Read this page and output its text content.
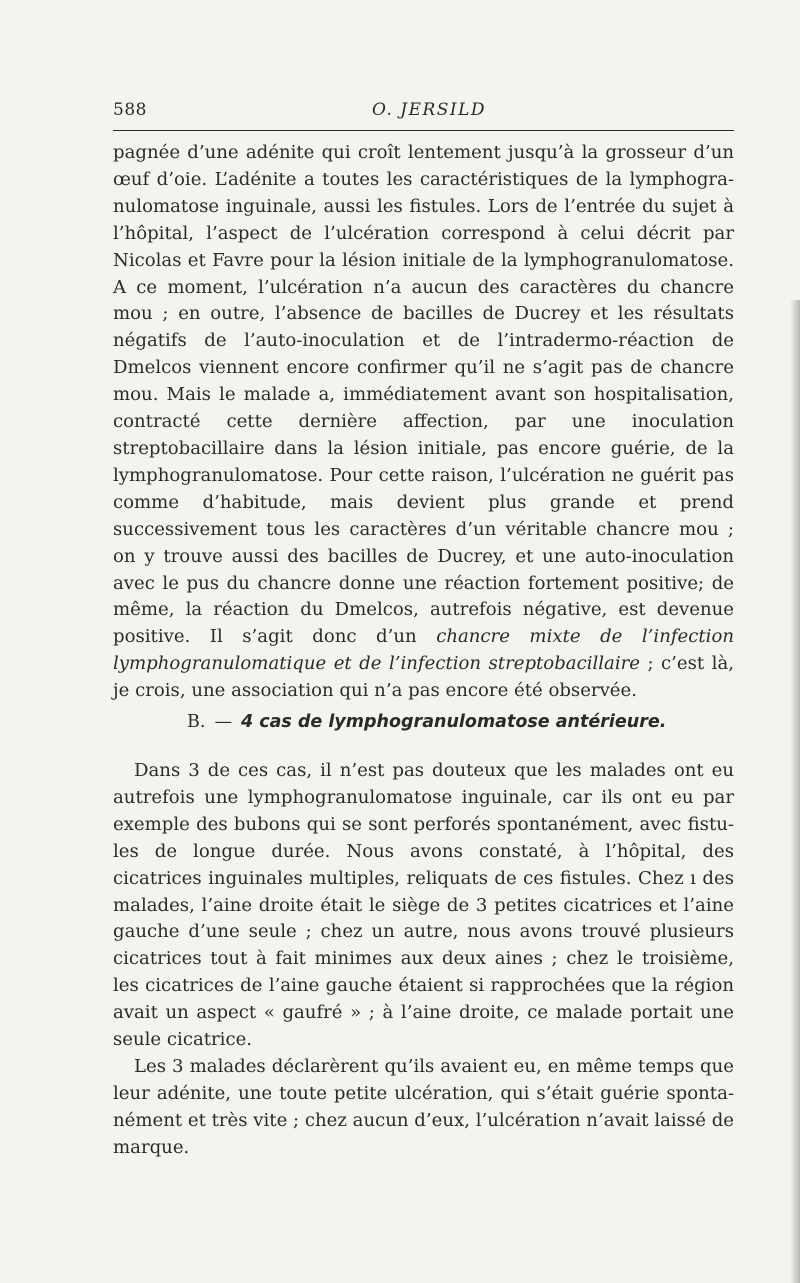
588	O. JERSILD

pagnée d’une adénite qui croît lentement jusqu’à la grosseur d’un œuf d’oie. L’adénite a toutes les caractéristiques de la lymphogranulomatose inguinale, aussi les fistules. Lors de l’entrée du sujet à l’hôpital, l’aspect de l’ulcération correspond à celui décrit par Nicolas et Favre pour la lésion initiale de la lymphogranulomatose. A ce moment, l’ulcération n’a aucun des caractères du chancre mou ; en outre, l’absence de bacilles de Ducrey et les résultats négatifs de l’auto-inoculation et de l’intradermo-réaction de Dmelcos viennent encore confirmer qu’il ne s’agit pas de chancre mou. Mais le malade a, immédiatement avant son hospitalisation, contracté cette dernière affection, par une inoculation streptobacillaire dans la lésion initiale, pas encore guérie, de la lymphogranulomatose. Pour cette raison, l’ulcération ne guérit pas comme d’habitude, mais devient plus grande et prend successivement tous les caractères d’un véritable chancre mou ; on y trouve aussi des bacilles de Ducrey, et une auto-inoculation avec le pus du chancre donne une réaction fortement positive; de même, la réaction du Dmelcos, autrefois négative, est devenue positive. Il s’agit donc d’un chancre mixte de l’infection lymphogranulomatique et de l’infection streptobacillaire ; c’est là, je crois, une association qui n’a pas encore été observée.

B. — 4 cas de lymphogranulomatose antérieure.

Dans 3 de ces cas, il n’est pas douteux que les malades ont eu autrefois une lymphogranulomatose inguinale, car ils ont eu par exemple des bubons qui se sont perforés spontanément, avec fistules de longue durée. Nous avons constaté, à l’hôpital, des cicatrices inguinales multiples, reliquats de ces fistules. Chez ı des malades, l’aine droite était le siège de 3 petites cicatrices et l’aine gauche d’une seule ; chez un autre, nous avons trouvé plusieurs cicatrices tout à fait minimes aux deux aines ; chez le troisième, les cicatrices de l’aine gauche étaient si rapprochées que la région avait un aspect « gaufré » ; à l’aine droite, ce malade portait une seule cicatrice.

Les 3 malades déclarèrent qu’ils avaient eu, en même temps que leur adénite, une toute petite ulcération, qui s’était guérie spontanément et très vite ; chez aucun d’eux, l’ulcération n’avait laissé de marque.
